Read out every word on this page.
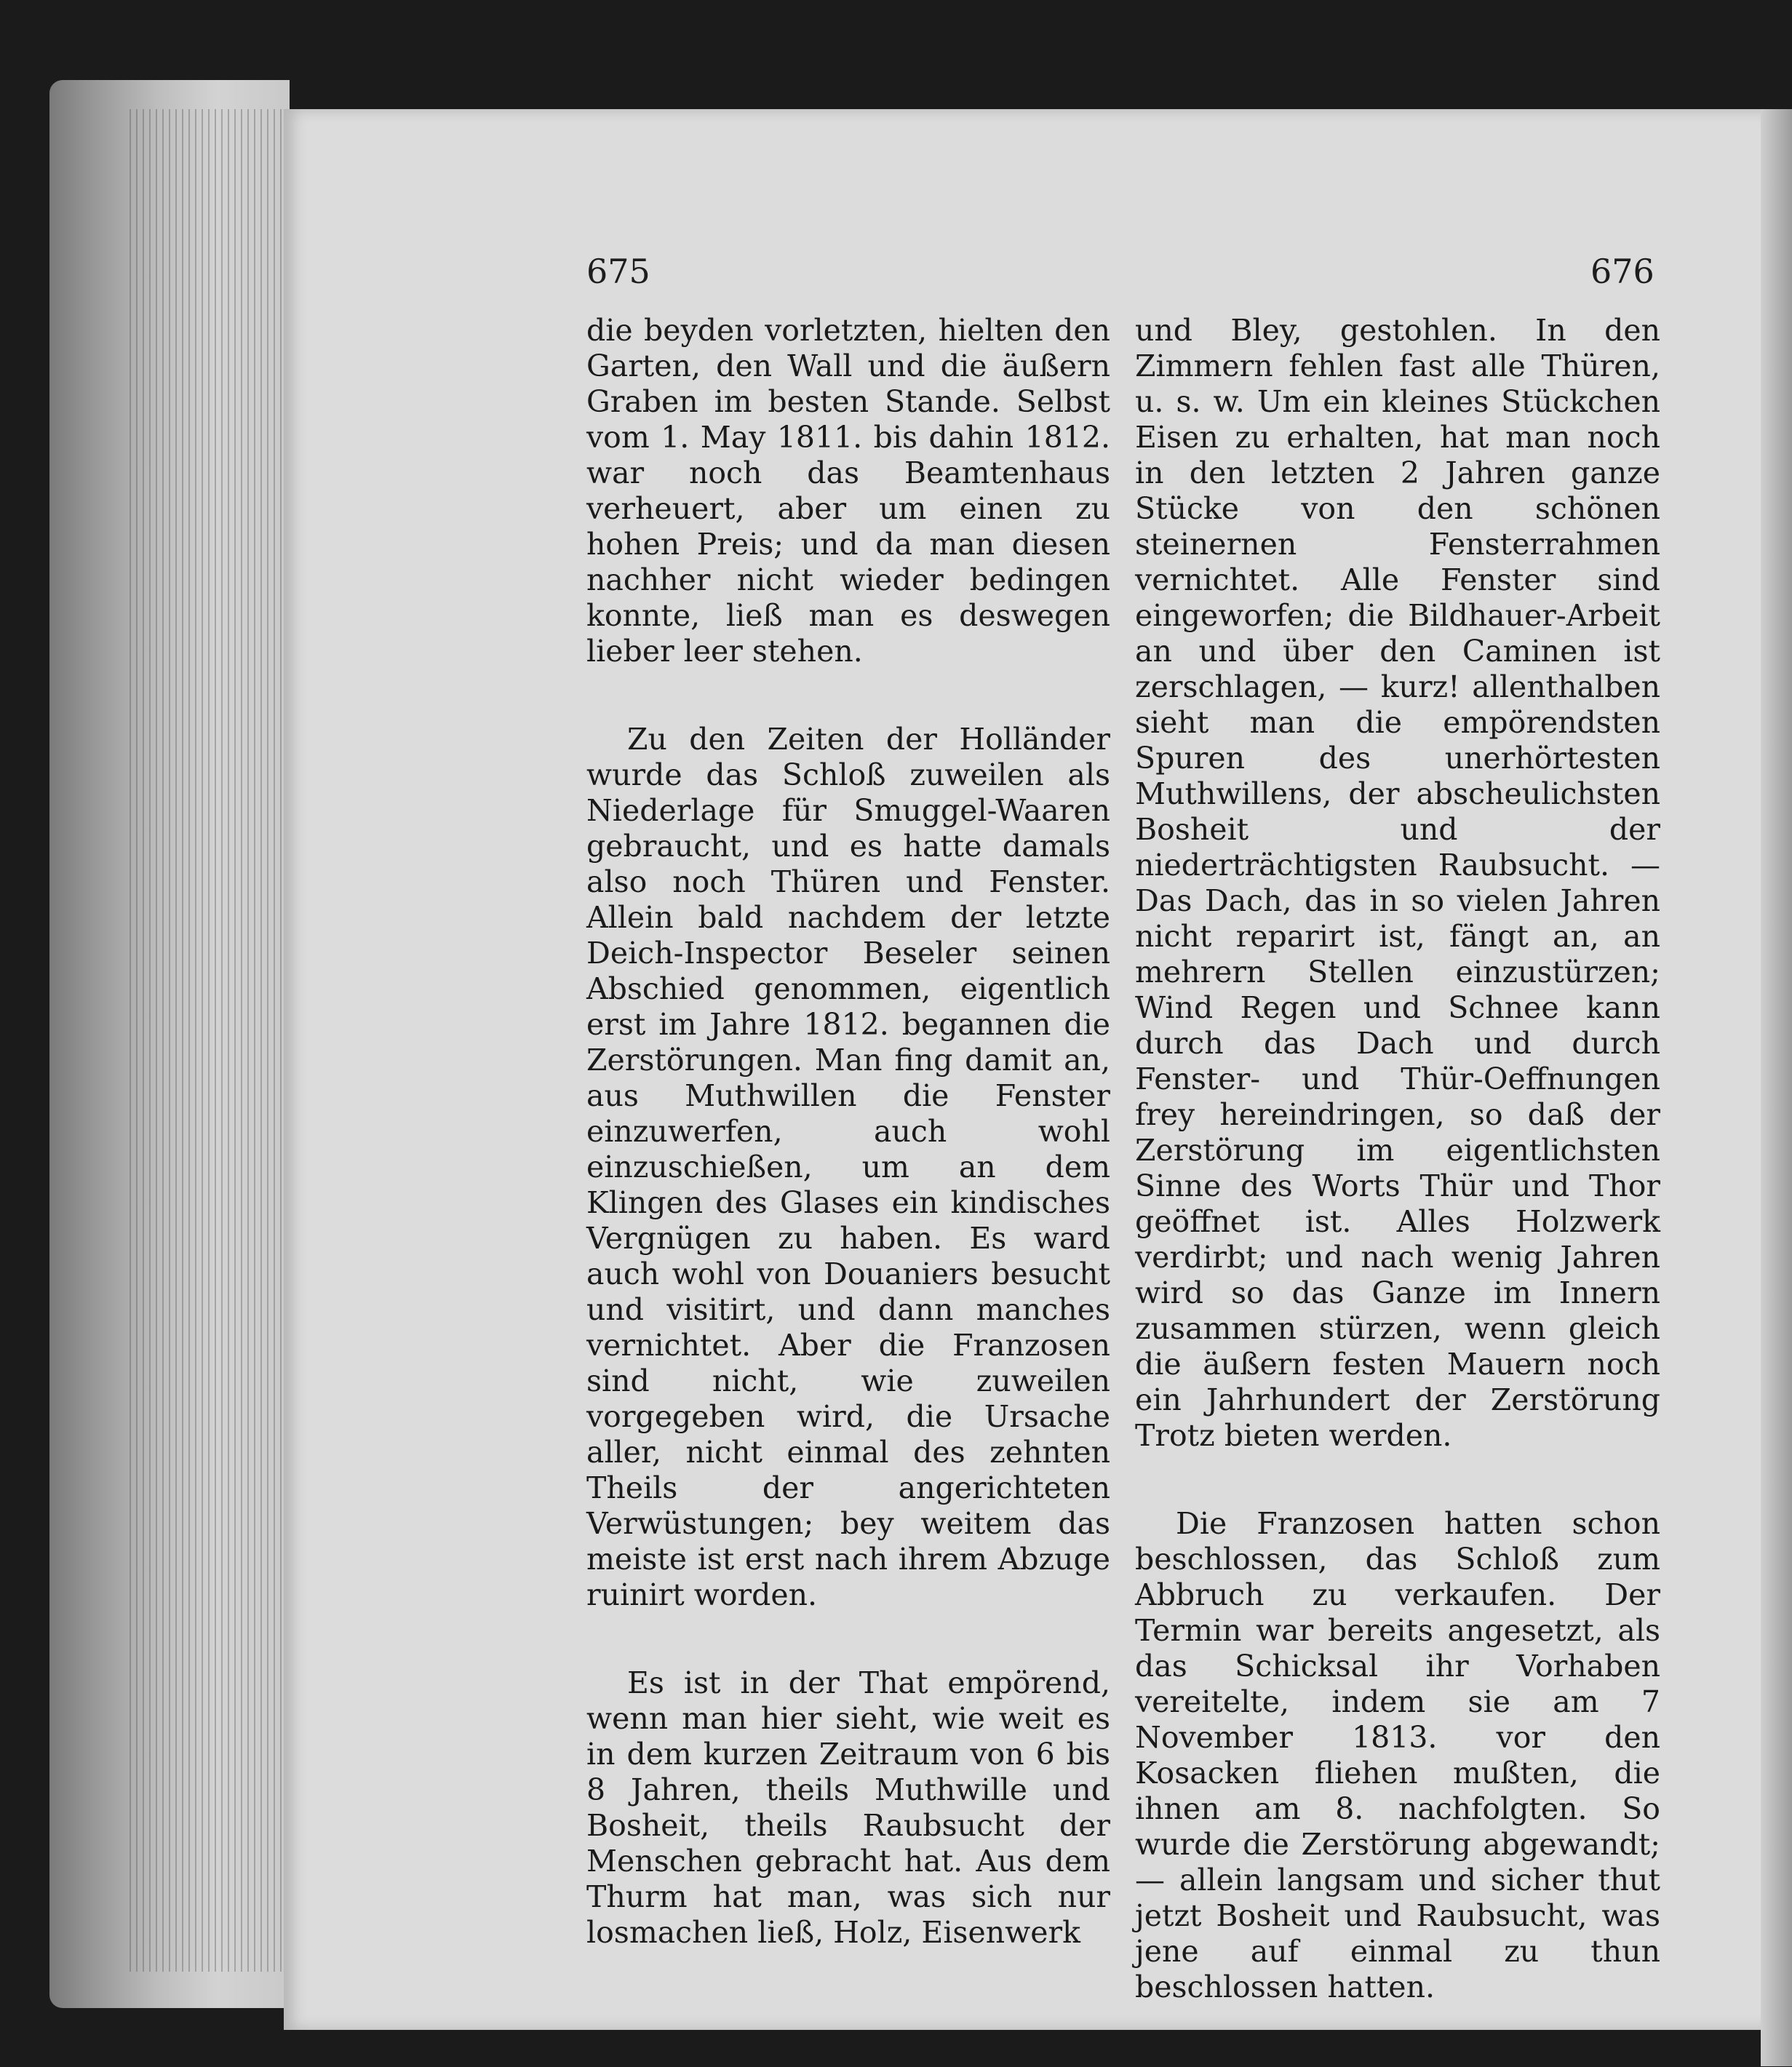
675	676

die beyden vorletzten, hielten den Garten, den Wall und die äußern Graben im besten Stande. Selbst vom 1. May 1811. bis dahin 1812. war noch das Beamtenhaus verheuert, aber um einen zu hohen Preis; und da man diesen nachher nicht wieder bedingen konnte, ließ man es deswegen lieber leer stehen.

Zu den Zeiten der Holländer wurde das Schloß zuweilen als Niederlage für Smuggel-Waaren gebraucht, und es hatte damals also noch Thüren und Fenster. Allein bald nachdem der letzte Deich-Inspector Beseler seinen Abschied genommen, eigentlich erst im Jahre 1812. begannen die Zerstörungen. Man fing damit an, aus Muthwillen die Fenster einzuwerfen, auch wohl einzuschießen, um an dem Klingen des Glases ein kindisches Vergnügen zu haben. Es ward auch wohl von Douaniers besucht und visitirt, und dann manches vernichtet. Aber die Franzosen sind nicht, wie zuweilen vorgegeben wird, die Ursache aller, nicht einmal des zehnten Theils der angerichteten Verwüstungen; bey weitem das meiste ist erst nach ihrem Abzuge ruinirt worden.

Es ist in der That empörend, wenn man hier sieht, wie weit es in dem kurzen Zeitraum von 6 bis 8 Jahren, theils Muthwille und Bosheit, theils Raubsucht der Menschen gebracht hat. Aus dem Thurm hat man, was sich nur losmachen ließ, Holz, Eisenwerk

und Bley, gestohlen. In den Zimmern fehlen fast alle Thüren, u. s. w. Um ein kleines Stückchen Eisen zu erhalten, hat man noch in den letzten 2 Jahren ganze Stücke von den schönen steinernen Fensterrahmen vernichtet. Alle Fenster sind eingeworfen; die Bildhauer-Arbeit an und über den Caminen ist zerschlagen, — kurz! allenthalben sieht man die empörendsten Spuren des unerhörtesten Muthwillens, der abscheulichsten Bosheit und der niederträchtigsten Raubsucht. — Das Dach, das in so vielen Jahren nicht reparirt ist, fängt an, an mehrern Stellen einzustürzen; Wind Regen und Schnee kann durch das Dach und durch Fenster- und Thür-Oeffnungen frey hereindringen, so daß der Zerstörung im eigentlichsten Sinne des Worts Thür und Thor geöffnet ist. Alles Holzwerk verdirbt; und nach wenig Jahren wird so das Ganze im Innern zusammen stürzen, wenn gleich die äußern festen Mauern noch ein Jahrhundert der Zerstörung Trotz bieten werden.

Die Franzosen hatten schon beschlossen, das Schloß zum Abbruch zu verkaufen. Der Termin war bereits angesetzt, als das Schicksal ihr Vorhaben vereitelte, indem sie am 7 November 1813. vor den Kosacken fliehen mußten, die ihnen am 8. nachfolgten. So wurde die Zerstörung abgewandt; — allein langsam und sicher thut jetzt Bosheit und Raubsucht, was jene auf einmal zu thun beschlossen hatten.
